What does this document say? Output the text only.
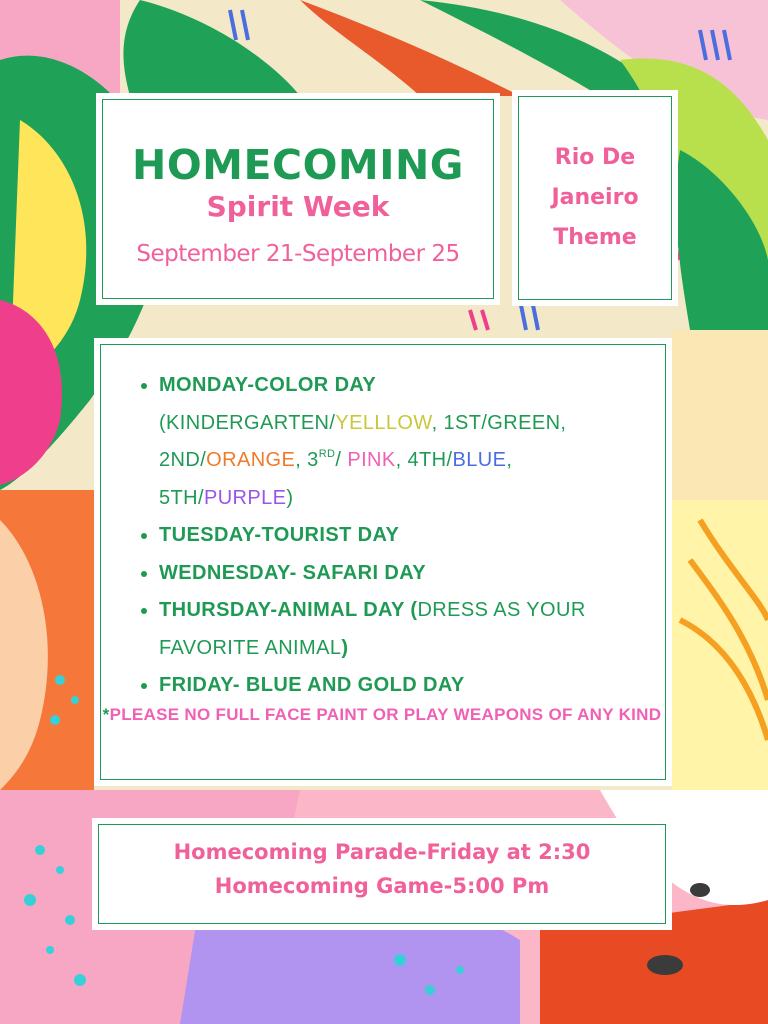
HOMECOMING
Spirit Week
September 21-September 25
Rio De
Janeiro
Theme
MONDAY-COLOR DAY
(KINDERGARTEN/YELLLOW, 1ST/GREEN,
2ND/ORANGE, 3RD/ PINK, 4TH/BLUE,
5TH/PURPLE)
TUESDAY-TOURIST DAY
WEDNESDAY- SAFARI DAY
THURSDAY-ANIMAL DAY (DRESS AS YOUR FAVORITE ANIMAL)
FRIDAY- BLUE AND GOLD DAY
*PLEASE NO FULL FACE PAINT OR PLAY WEAPONS OF ANY KIND
Homecoming Parade-Friday at 2:30
Homecoming Game-5:00 Pm
